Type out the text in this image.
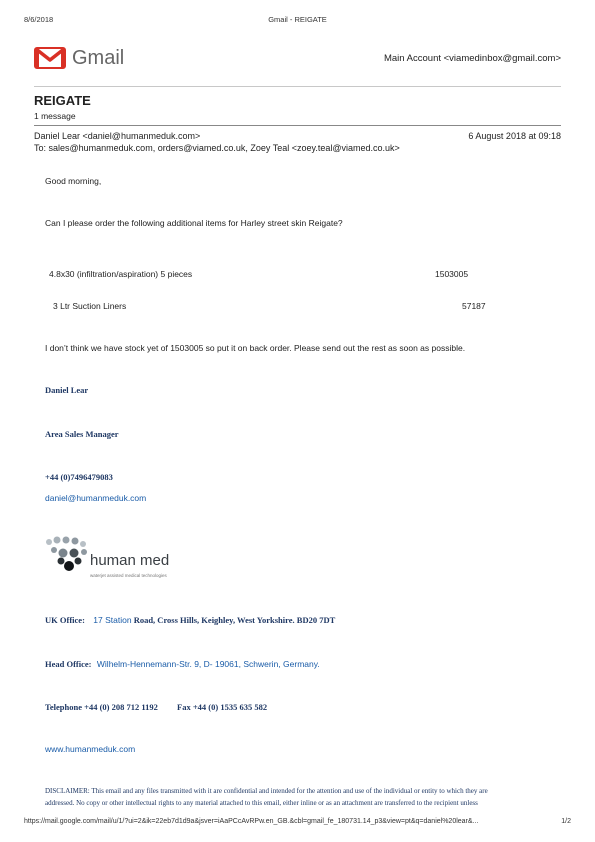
8/6/2018	Gmail - REIGATE
Gmail	Main Account <viamedinbox@gmail.com>
REIGATE
1 message
Daniel Lear <daniel@humanmeduk.com>	6 August 2018 at 09:18
To: sales@humanmeduk.com, orders@viamed.co.uk, Zoey Teal <zoey.teal@viamed.co.uk>
Good morning,
Can I please order the following additional items for Harley street skin Reigate?
4.8x30 (infiltration/aspiration) 5 pieces	1503005
3 Ltr Suction Liners	57187
I don’t think we have stock yet of 1503005 so put it on back order. Please send out the rest as soon as possible.
Daniel Lear
Area Sales Manager
+44 (0)7496479083
daniel@humanmeduk.com
human med
waterjet assisted medical technologies
UK Office: 17 Station Road, Cross Hills, Keighley, West Yorkshire. BD20 7DT
Head Office: Wilhelm-Hennemann-Str. 9, D- 19061, Schwerin, Germany.
Telephone +44 (0) 208 712 1192 Fax +44 (0) 1535 635 582
www.humanmeduk.com
DISCLAIMER: This email and any files transmitted with it are confidential and intended for the attention and use of the individual or entity to which they are
addressed. No copy or other intellectual rights to any material attached to this email, either inline or as an attachment are transferred to the recipient unless
https://mail.google.com/mail/u/1/?ui=2&ik=22eb7d1d9a&jsver=iAaPCcAvRPw.en_GB.&cbl=gmail_fe_180731.14_p3&view=pt&q=daniel%20lear&...	1/2
